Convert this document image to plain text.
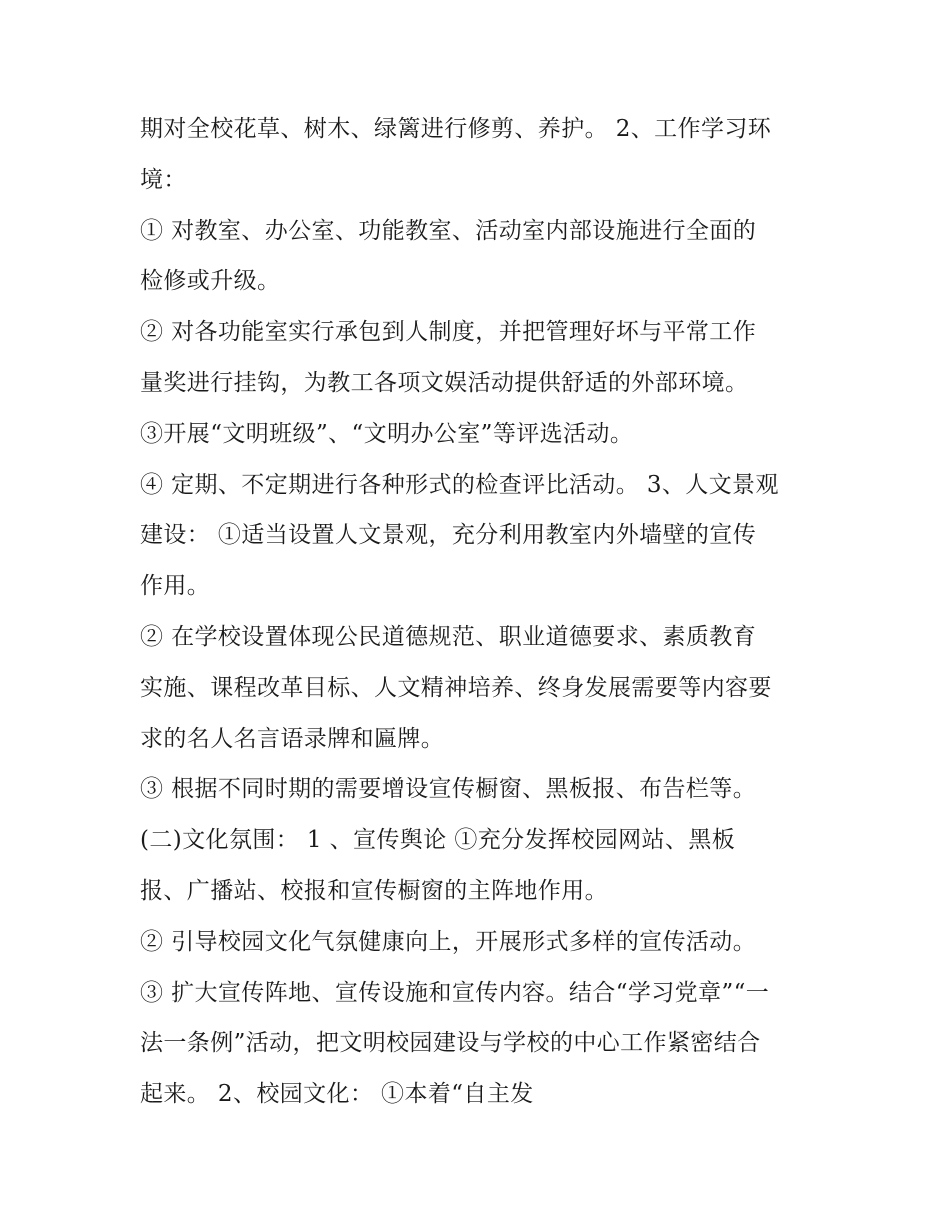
期对全校花草、树木、绿篱进行修剪、养护。 2、工作学习环
境：
① 对教室、办公室、功能教室、活动室内部设施进行全面的
检修或升级。
② 对各功能室实行承包到人制度，并把管理好坏与平常工作
量奖进行挂钩，为教工各项文娱活动提供舒适的外部环境。
③开展“文明班级”、“文明办公室”等评选活动。
④ 定期、不定期进行各种形式的检查评比活动。 3、人文景观
建设： ①适当设置人文景观，充分利用教室内外墙壁的宣传
作用。
② 在学校设置体现公民道德规范、职业道德要求、素质教育
实施、课程改革目标、人文精神培养、终身发展需要等内容要
求的名人名言语录牌和匾牌。
③ 根据不同时期的需要增设宣传橱窗、黑板报、布告栏等。
(二)文化氛围： 1 、宣传舆论 ①充分发挥校园网站、黑板
报、广播站、校报和宣传橱窗的主阵地作用。
② 引导校园文化气氛健康向上，开展形式多样的宣传活动。
③ 扩大宣传阵地、宣传设施和宣传内容。结合“学习党章”“一
法一条例”活动，把文明校园建设与学校的中心工作紧密结合
起来。 2、校园文化： ①本着“自主发
